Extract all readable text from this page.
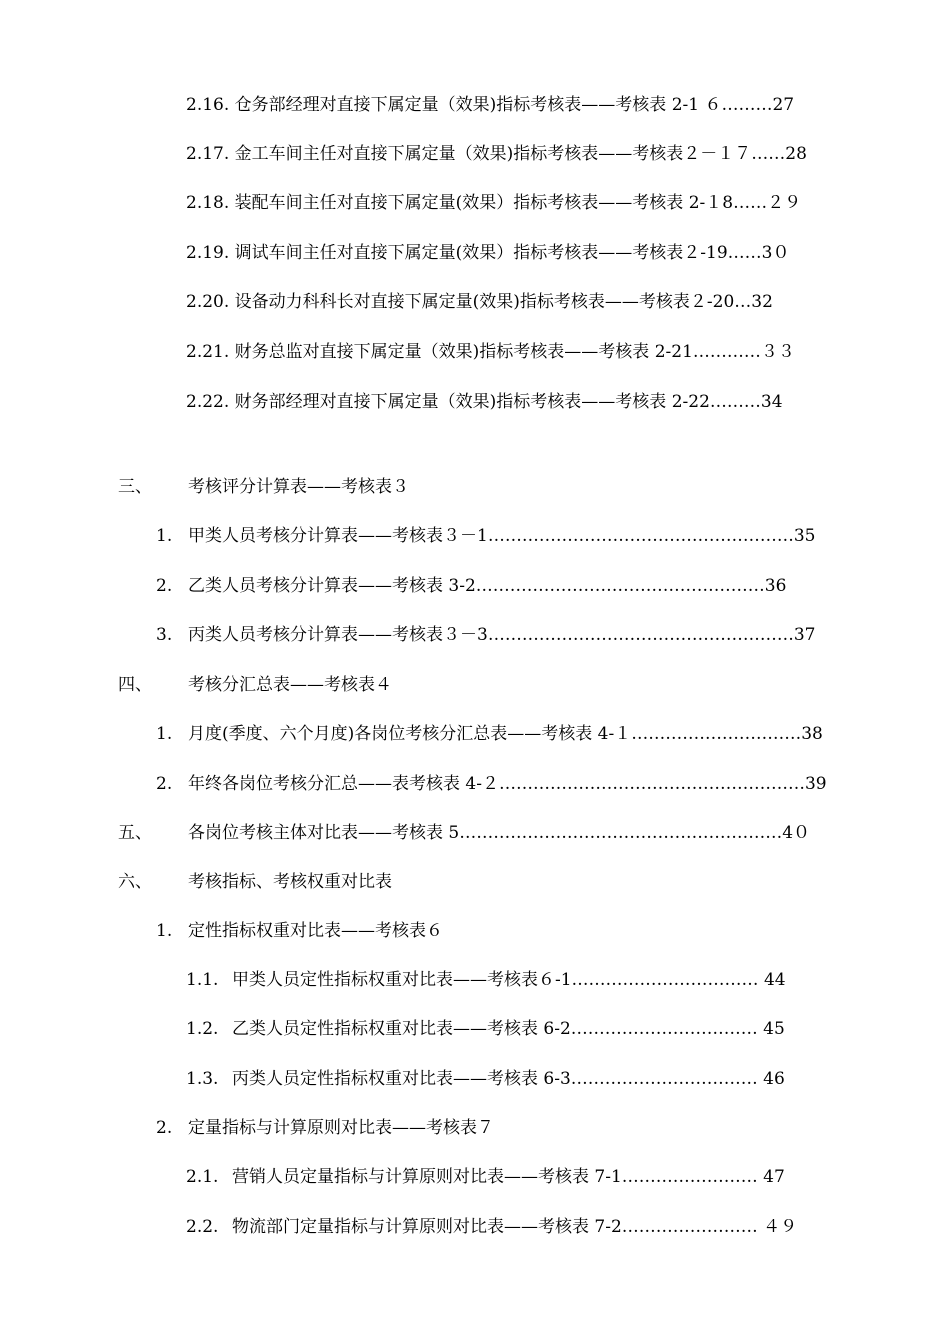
2.16. 仓务部经理对直接下属定量（效果)指标考核表——考核表 2-1 ６………27
2.17. 金工车间主任对直接下属定量（效果)指标考核表——考核表２－１７……28
2.18. 装配车间主任对直接下属定量(效果）指标考核表——考核表 2-１8……２９
2.19. 调试车间主任对直接下属定量(效果）指标考核表——考核表２-19……3０
2.20. 设备动力科科长对直接下属定量(效果)指标考核表——考核表２-20…32
2.21. 财务总监对直接下属定量（效果)指标考核表——考核表 2-21…………３３
2.22. 财务部经理对直接下属定量（效果)指标考核表——考核表 2-22………34
三、 考核评分计算表——考核表３
1. 甲类人员考核分计算表——考核表３－1………………………………………………35
2. 乙类人员考核分计算表——考核表 3-2……………………………………………36
3. 丙类人员考核分计算表——考核表３－3………………………………………………37
四、 考核分汇总表——考核表４
1. 月度(季度、六个月度)各岗位考核分汇总表——考核表 4-１…………………………38
2. 年终各岗位考核分汇总——表考核表 4-２………………………………………………39
五、 各岗位考核主体对比表——考核表 5…………………………………………………4０
六、 考核指标、考核权重对比表
1. 定性指标权重对比表——考核表６
1.1. 甲类人员定性指标权重对比表——考核表６-1…………………………… 44
1.2. 乙类人员定性指标权重对比表——考核表 6-2…………………………… 45
1.3. 丙类人员定性指标权重对比表——考核表 6-3…………………………… 46
2. 定量指标与计算原则对比表——考核表７
2.1. 营销人员定量指标与计算原则对比表——考核表 7-1…………………… 47
2.2. 物流部门定量指标与计算原则对比表——考核表 7-2…………………… ４９
